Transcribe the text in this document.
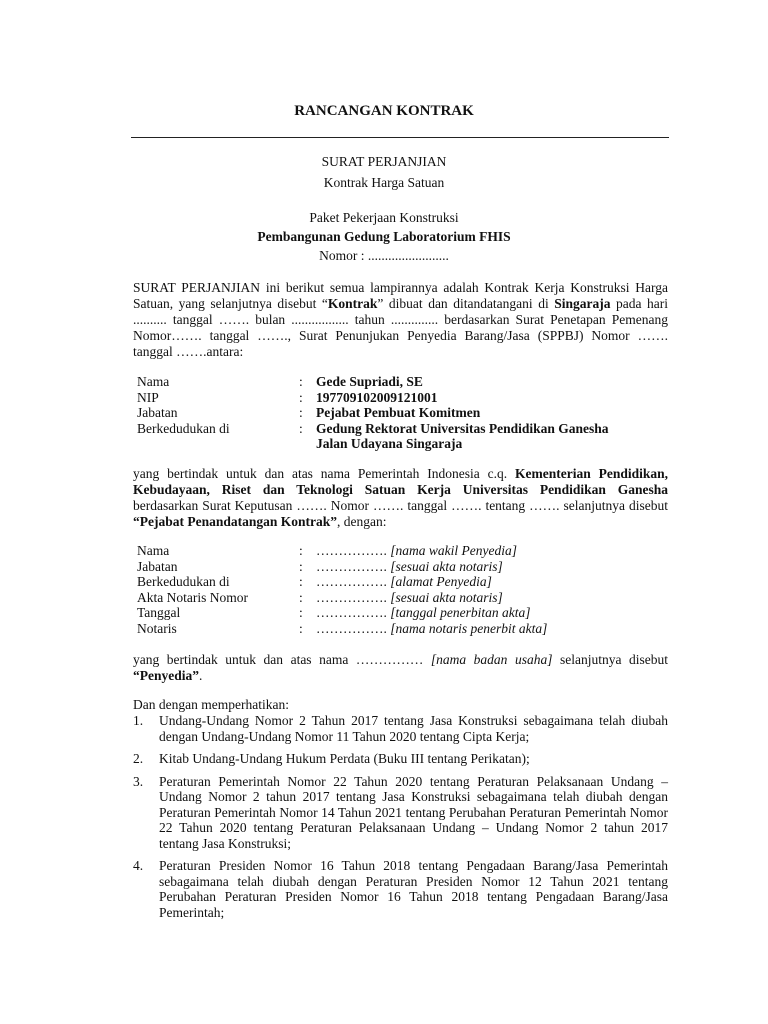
RANCANGAN KONTRAK
SURAT PERJANJIAN
Kontrak Harga Satuan
Paket Pekerjaan Konstruksi
Pembangunan Gedung Laboratorium FHIS
Nomor : ........................
SURAT PERJANJIAN ini berikut semua lampirannya adalah Kontrak Kerja Konstruksi Harga Satuan, yang selanjutnya disebut “Kontrak” dibuat dan ditandatangani di Singaraja pada hari .......... tanggal ……. bulan ................. tahun .............. berdasarkan Surat Penetapan Pemenang Nomor……. tanggal ……., Surat Penunjukan Penyedia Barang/Jasa (SPPBJ) Nomor ……. tanggal …….antara:
Nama	: Gede Supriadi, SE
NIP	: 197709102009121001
Jabatan	: Pejabat Pembuat Komitmen
Berkedudukan di	: Gedung Rektorat Universitas Pendidikan Ganesha
Jalan Udayana Singaraja
yang bertindak untuk dan atas nama Pemerintah Indonesia c.q. Kementerian Pendidikan, Kebudayaan, Riset dan Teknologi Satuan Kerja Universitas Pendidikan Ganesha berdasarkan Surat Keputusan ……. Nomor ……. tanggal ……. tentang ……. selanjutnya disebut “Pejabat Penandatangan Kontrak”, dengan:
Nama	: ……………. [nama wakil Penyedia]
Jabatan	: ……………. [sesuai akta notaris]
Berkedudukan di	: ……………. [alamat Penyedia]
Akta Notaris Nomor	: ……………. [sesuai akta notaris]
Tanggal	: ……………. [tanggal penerbitan akta]
Notaris	: ……………. [nama notaris penerbit akta]
yang bertindak untuk dan atas nama …………… [nama badan usaha] selanjutnya disebut “Penyedia”.
Dan dengan memperhatikan:
1. Undang-Undang Nomor 2 Tahun 2017 tentang Jasa Konstruksi sebagaimana telah diubah dengan Undang-Undang Nomor 11 Tahun 2020 tentang Cipta Kerja;
2. Kitab Undang-Undang Hukum Perdata (Buku III tentang Perikatan);
3. Peraturan Pemerintah Nomor 22 Tahun 2020 tentang Peraturan Pelaksanaan Undang – Undang Nomor 2 tahun 2017 tentang Jasa Konstruksi sebagaimana telah diubah dengan Peraturan Pemerintah Nomor 14 Tahun 2021 tentang Perubahan Peraturan Pemerintah Nomor 22 Tahun 2020 tentang Peraturan Pelaksanaan Undang – Undang Nomor 2 tahun 2017 tentang Jasa Konstruksi;
4. Peraturan Presiden Nomor 16 Tahun 2018 tentang Pengadaan Barang/Jasa Pemerintah sebagaimana telah diubah dengan Peraturan Presiden Nomor 12 Tahun 2021 tentang Perubahan Peraturan Presiden Nomor 16 Tahun 2018 tentang Pengadaan Barang/Jasa Pemerintah;
